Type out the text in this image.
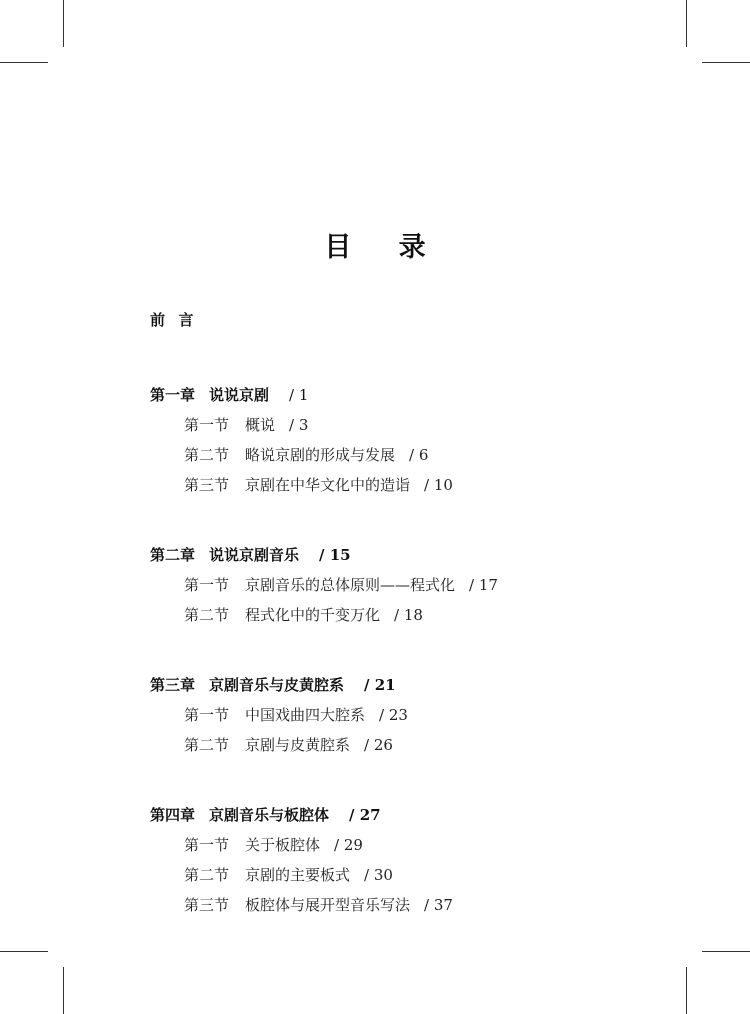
目 录
前言
第一章 说说京剧 / 1
第一节 概说 / 3
第二节 略说京剧的形成与发展 / 6
第三节 京剧在中华文化中的造诣 / 10
第二章 说说京剧音乐 / 15
第一节 京剧音乐的总体原则——程式化 / 17
第二节 程式化中的千变万化 / 18
第三章 京剧音乐与皮黄腔系 / 21
第一节 中国戏曲四大腔系 / 23
第二节 京剧与皮黄腔系 / 26
第四章 京剧音乐与板腔体 / 27
第一节 关于板腔体 / 29
第二节 京剧的主要板式 / 30
第三节 板腔体与展开型音乐写法 / 37
